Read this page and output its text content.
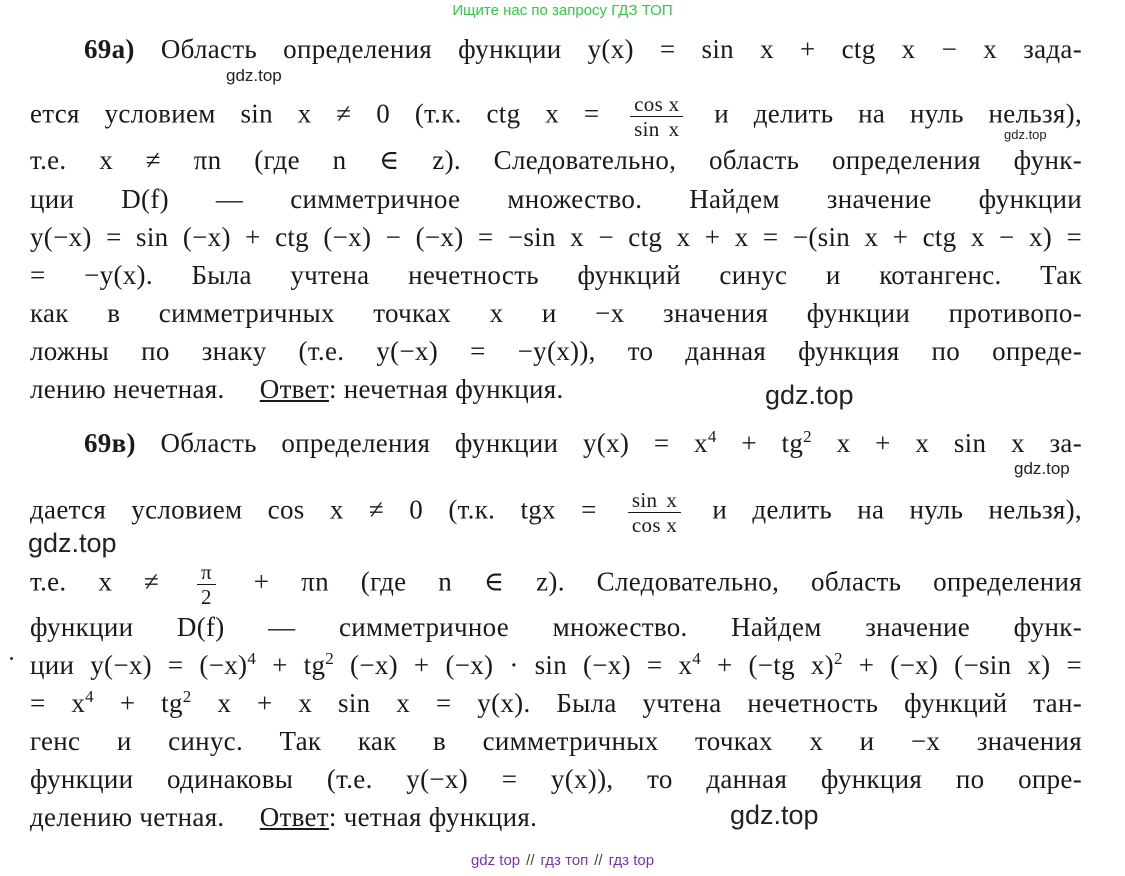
Ищите нас по запросу ГДЗ ТОП
gdz.top
gdz.top
gdz.top
gdz.top
gdz.top
gdz.top
69а) Область определения функции y(x) = sin x + ctg x − x зада-
ется условием sin x ≠ 0 (т.к. ctg $x = \frac{\text{cos x}}{\text{sin x}}$ и делить на нуль нельзя),
т.е. x ≠ πn (где n ∈ z). Следовательно, область определения функ-
ции D(f) — симметричное множество. Найдем значение функции
y(−x) = sin (−x) + ctg (−x) − (−x) = −sin x − ctg x + x = −(sin x + ctg x − x) =
= −y(x). Была учтена нечетность функций синус и котангенс. Так
как в симметричных точках x и −x значения функции противопо-
ложны по знаку (т.е. y(−x) = −y(x)), то данная функция по опреде-
лению нечетная.     Ответ: нечетная функция.
69в) Область определения функции $y(x) = x^4 + tg^2$ x + x sin x за-
дается условием cos x ≠ 0 (т.к. tgx = $\frac{\text{sin x}}{\text{cos x}}$ и делить на нуль нельзя),
т.е. $x \ne \frac{\pi}{2} + \pi n$ (где n ∈ z). Следовательно, область определения
функции D(f) — симметричное множество. Найдем значение функ-
ции $y(-x) = (-x)^4 + tg^2$ $(-x) + (-x) \cdot \sin (-x) = x^4 + (-tg$ x)$^2$ + (−x) (−sin x) =
= $x^4 + tg^2$ x + x sin x = y(x). Была учтена нечетность функций тан-
генс и синус. Так как в симметричных точках x и −x значения
функции одинаковы (т.е. y(−x) = y(x)), то данная функция по опре-
делению четная.     Ответ: четная функция.
gdz top // гдз топ // гдз top
